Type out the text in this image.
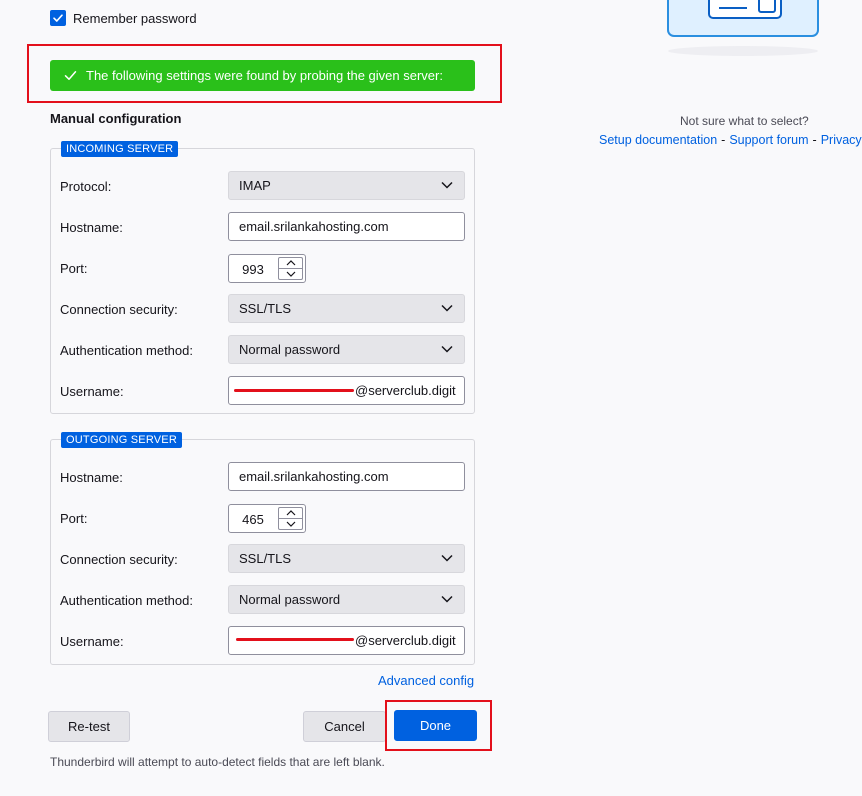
Remember password
The following settings were found by probing the given server:
Manual configuration
INCOMING SERVER
Protocol:	IMAP
Hostname:	email.srilankahosting.com
Port:	993
Connection security:	SSL/TLS
Authentication method:	Normal password
Username:	@serverclub.digit
OUTGOING SERVER
Hostname:	email.srilankahosting.com
Port:	465
Connection security:	SSL/TLS
Authentication method:	Normal password
Username:	@serverclub.digit
Advanced config
Re-test	Cancel	Done
Thunderbird will attempt to auto-detect fields that are left blank.
Not sure what to select?
Setup documentation - Support forum - Privacy
